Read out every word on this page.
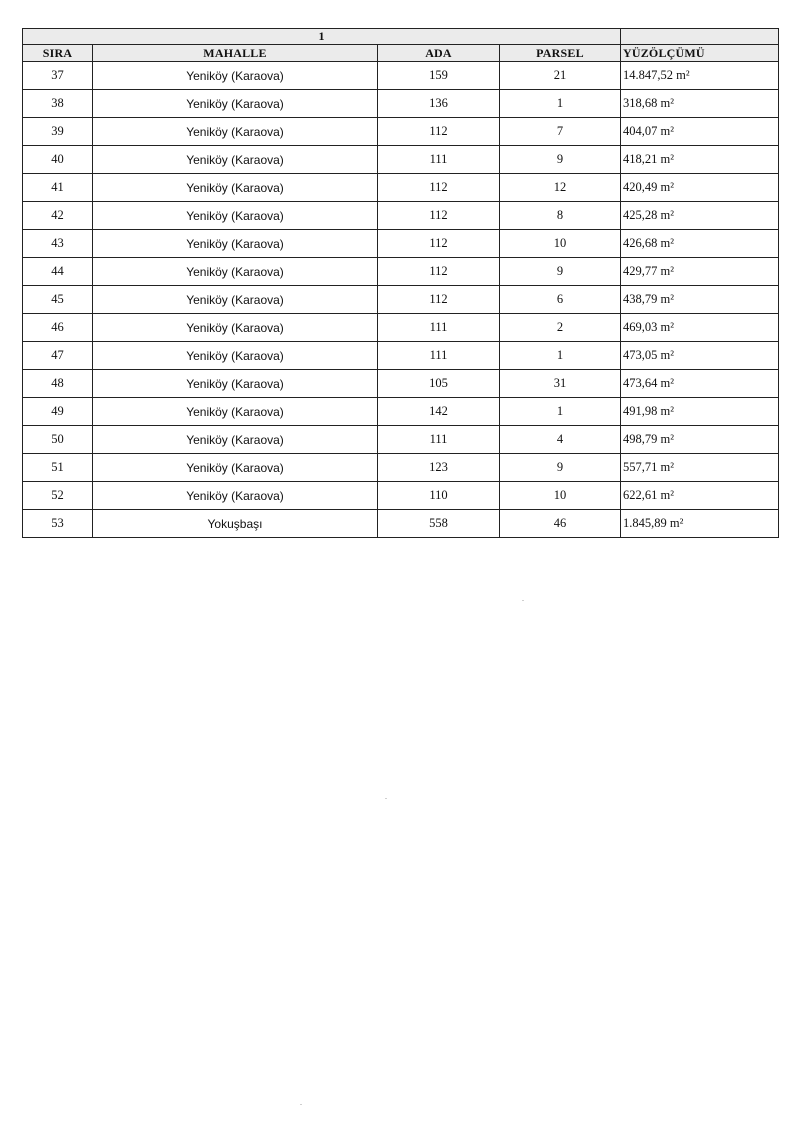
1				
SIRA	MAHALLE	ADA	PARSEL	YÜZÖLÇÜMÜ
37	Yeniköy (Karaova)	159	21	14.847,52 m²
38	Yeniköy (Karaova)	136	1	318,68 m²
39	Yeniköy (Karaova)	112	7	404,07 m²
40	Yeniköy (Karaova)	111	9	418,21 m²
41	Yeniköy (Karaova)	112	12	420,49 m²
42	Yeniköy (Karaova)	112	8	425,28 m²
43	Yeniköy (Karaova)	112	10	426,68 m²
44	Yeniköy (Karaova)	112	9	429,77 m²
45	Yeniköy (Karaova)	112	6	438,79 m²
46	Yeniköy (Karaova)	111	2	469,03 m²
47	Yeniköy (Karaova)	111	1	473,05 m²
48	Yeniköy (Karaova)	105	31	473,64 m²
49	Yeniköy (Karaova)	142	1	491,98 m²
50	Yeniköy (Karaova)	111	4	498,79 m²
51	Yeniköy (Karaova)	123	9	557,71 m²
52	Yeniköy (Karaova)	110	10	622,61 m²
53	Yokuşbaşı	558	46	1.845,89 m²
